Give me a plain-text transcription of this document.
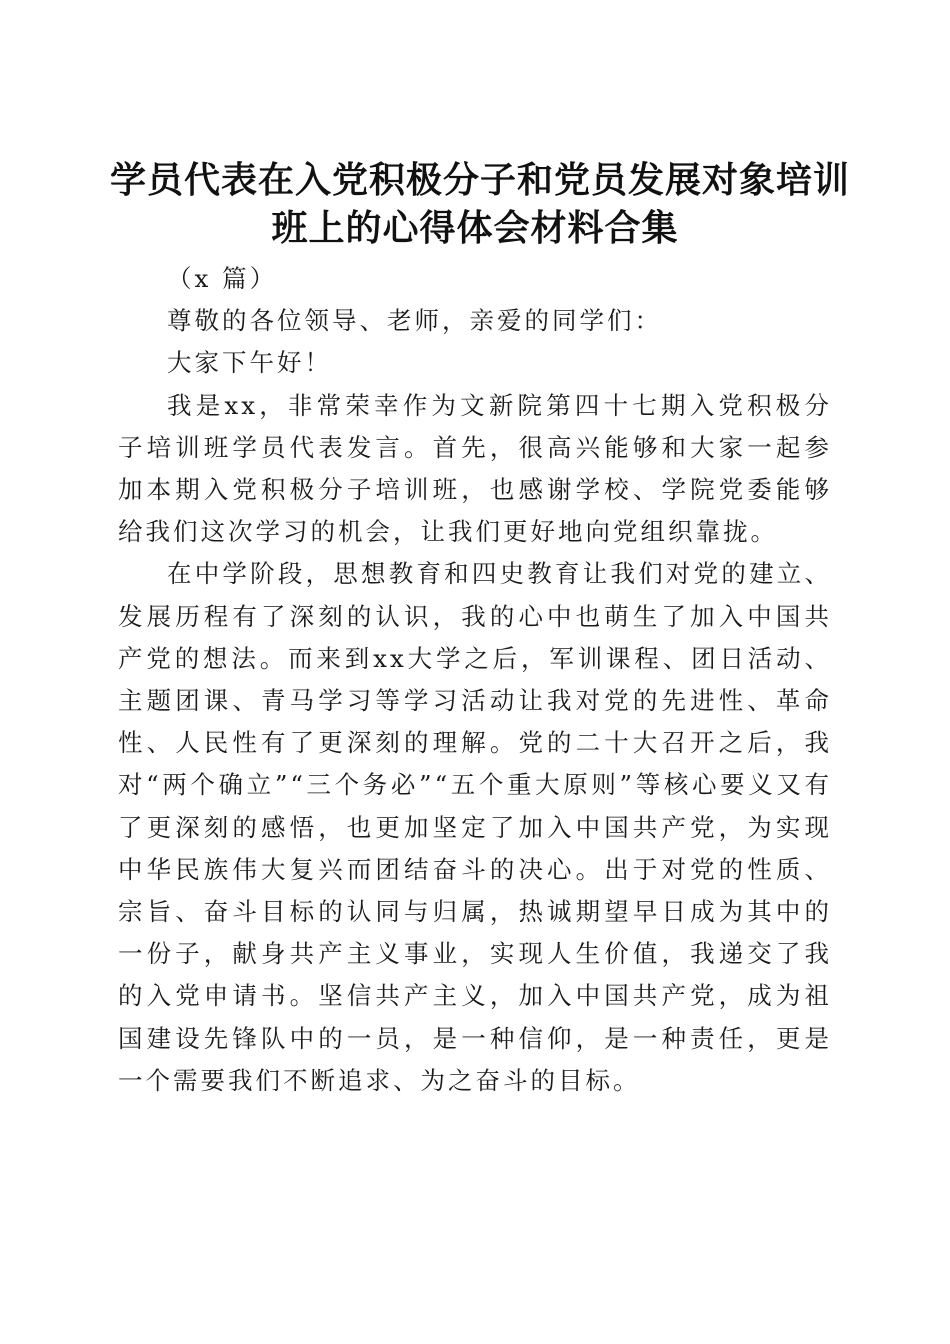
学员代表在入党积极分子和党员发展对象培训
班上的心得体会材料合集

（x 篇）

尊敬的各位领导、老师，亲爱的同学们：

大家下午好！

我是xx，非常荣幸作为文新院第四十七期入党积极分子培训班学员代表发言。首先，很高兴能够和大家一起参加本期入党积极分子培训班，也感谢学校、学院党委能够给我们这次学习的机会，让我们更好地向党组织靠拢。

在中学阶段，思想教育和四史教育让我们对党的建立、发展历程有了深刻的认识，我的心中也萌生了加入中国共产党的想法。而来到xx大学之后，军训课程、团日活动、主题团课、青马学习等学习活动让我对党的先进性、革命性、人民性有了更深刻的理解。党的二十大召开之后，我对“两个确立”“三个务必”“五个重大原则”等核心要义又有了更深刻的感悟，也更加坚定了加入中国共产党，为实现中华民族伟大复兴而团结奋斗的决心。出于对党的性质、宗旨、奋斗目标的认同与归属，热诚期望早日成为其中的一份子，献身共产主义事业，实现人生价值，我递交了我的入党申请书。坚信共产主义，加入中国共产党，成为祖国建设先锋队中的一员，是一种信仰，是一种责任，更是一个需要我们不断追求、为之奋斗的目标。
